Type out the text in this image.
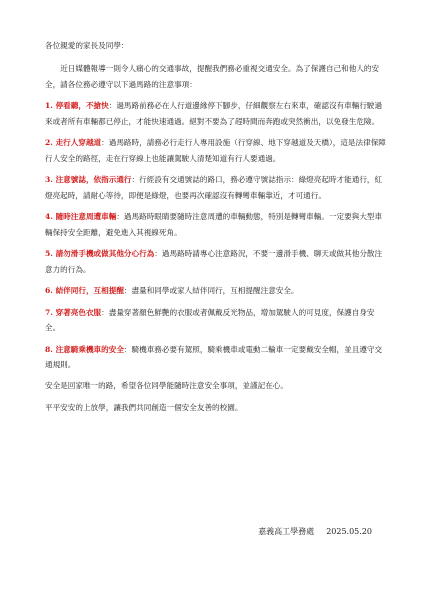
各位親愛的家長及同學：

近日媒體報導一則令人痛心的交通事故，提醒我們務必重視交通安全。為了保護自己和他人的安全，請各位務必遵守以下過馬路的注意事項：

1. 停看聽，不搶快：過馬路前務必在人行道邊緣停下腳步，仔細觀察左右來車，確認沒有車輛行駛過來或者所有車輛都已停止，才能快速通過。絕對不要為了趕時間而奔跑或突然衝出，以免發生危險。

2. 走行人穿越道：過馬路時，請務必行走行人專用設施（行穿線、地下穿越道及天橋），這是法律保障行人安全的路徑，走在行穿線上也能讓駕駛人清楚知道有行人要通過。

3. 注意號誌，依指示通行：行經設有交通號誌的路口，務必遵守號誌指示：綠燈亮起時才能通行，紅燈亮起時，請耐心等待，即便是綠燈，也要再次確認沒有轉彎車輛靠近，才可通行。

4. 隨時注意周遭車輛：過馬路時眼睛要隨時注意周遭的車輛動態，特別是轉彎車輛。一定要與大型車輛保持安全距離，避免進入其視線死角。

5. 請勿滑手機或做其他分心行為：過馬路時請專心注意路況，不要一邊滑手機、聊天或做其他分散注意力的行為。

6. 結伴同行，互相提醒：盡量和同學或家人結伴同行，互相提醒注意安全。

7. 穿著亮色衣服：盡量穿著顏色鮮艷的衣服或者佩戴反光物品，增加駕駛人的可見度，保護自身安全。

8. 注意騎乘機車的安全：騎機車務必要有駕照，騎乘機車或電動二輪車一定要戴安全帽，並且遵守交通規則。

安全是回家唯一的路，希望各位同學能隨時注意安全事項，並謹記在心。

平平安安的上放學，讓我們共同創造一個安全友善的校園。

嘉義高工學務處 2025.05.20
